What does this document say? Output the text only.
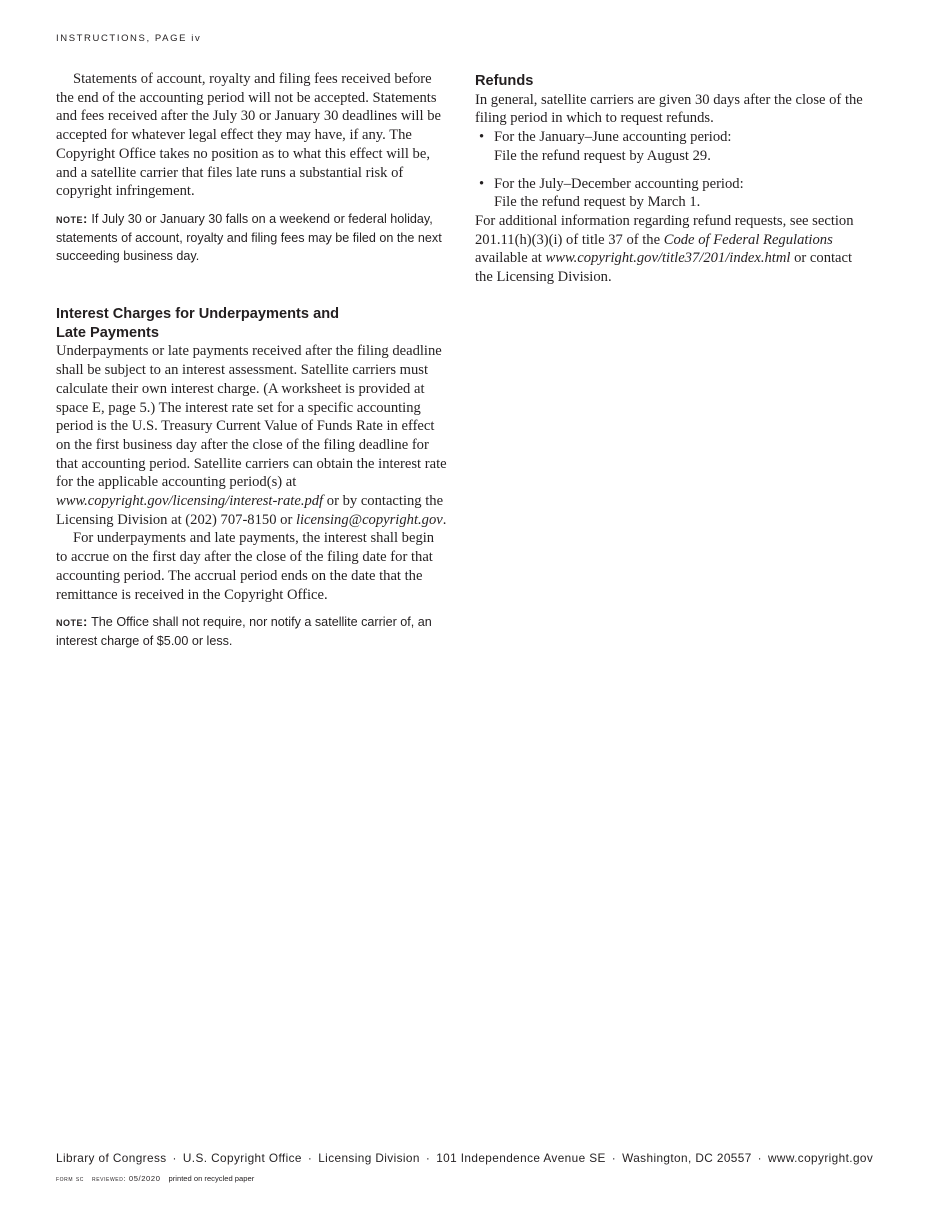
INSTRUCTIONS, PAGE iv

Statements of account, royalty and filing fees received before the end of the accounting period will not be accepted. Statements and fees received after the July 30 or January 30 deadlines will be accepted for whatever legal effect they may have, if any. The Copyright Office takes no position as to what this effect will be, and a satellite carrier that files late runs a substantial risk of copyright infringement.

note: If July 30 or January 30 falls on a weekend or federal holiday, statements of account, royalty and filing fees may be filed on the next succeeding business day.

Interest Charges for Underpayments and
Late Payments

Underpayments or late payments received after the filing deadline shall be subject to an interest assessment. Satellite carriers must calculate their own interest charge. (A worksheet is provided at space E, page 5.) The interest rate set for a specific accounting period is the U.S. Treasury Current Value of Funds Rate in effect on the first business day after the close of the filing deadline for that accounting period. Satellite carriers can obtain the interest rate for the applicable accounting period(s) at www.copyright.gov/licensing/interest-rate.pdf or by contacting the Licensing Division at (202) 707-8150 or licensing@copyright.gov.

For underpayments and late payments, the interest shall begin to accrue on the first day after the close of the filing date for that accounting period. The accrual period ends on the date that the remittance is received in the Copyright Office.

note: The Office shall not require, nor notify a satellite carrier of, an interest charge of $5.00 or less.

Refunds

In general, satellite carriers are given 30 days after the close of the filing period in which to request refunds.

• For the January–June accounting period:
File the refund request by August 29.
• For the July–December accounting period:
File the refund request by March 1.

For additional information regarding refund requests, see section 201.11(h)(3)(i) of title 37 of the Code of Federal Regulations available at www.copyright.gov/title37/201/index.html or contact the Licensing Division.

Library of Congress · U.S. Copyright Office · Licensing Division · 101 Independence Avenue SE · Washington, DC 20557 · www.copyright.gov
form sc reviewed: 05/2020 printed on recycled paper
